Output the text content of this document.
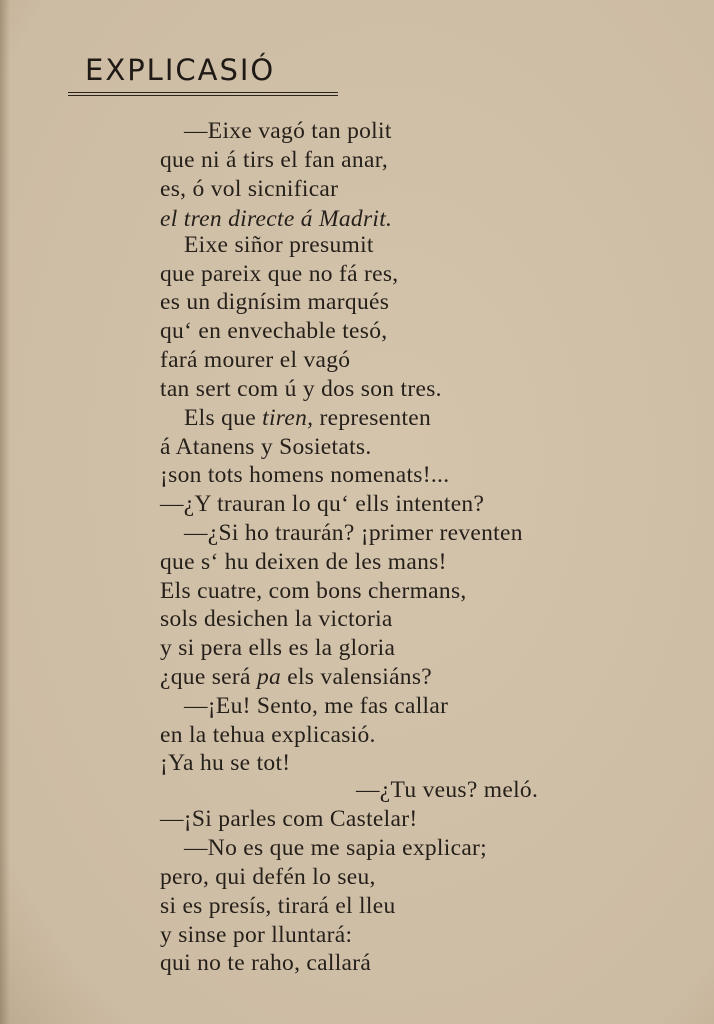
EXPLICASIÓ
—Eixe vagó tan polit
que ni á tirs el fan anar,
es, ó vol sicnificar
el tren directe á Madrit.
Eixe siñor presumit
que pareix que no fá res,
es un dignísim marqués
qu‘ en envechable tesó,
fará mourer el vagó
tan sert com ú y dos son tres.
Els que tiren, representen
á Atanens y Sosietats.
¡son tots homens nomenats!...
—¿Y trauran lo qu‘ ells intenten?
—¿Si ho traurán? ¡primer reventen
que s‘ hu deixen de les mans!
Els cuatre, com bons chermans,
sols desichen la victoria
y si pera ells es la gloria
¿que será pa els valensiáns?
—¡Eu! Sento, me fas callar
en la tehua explicasió.
¡Ya hu se tot!
—¿Tu veus? meló.
—¡Si parles com Castelar!
—No es que me sapia explicar;
pero, qui defén lo seu,
si es presís, tirará el lleu
y sinse por lluntará:
qui no te raho, callará
